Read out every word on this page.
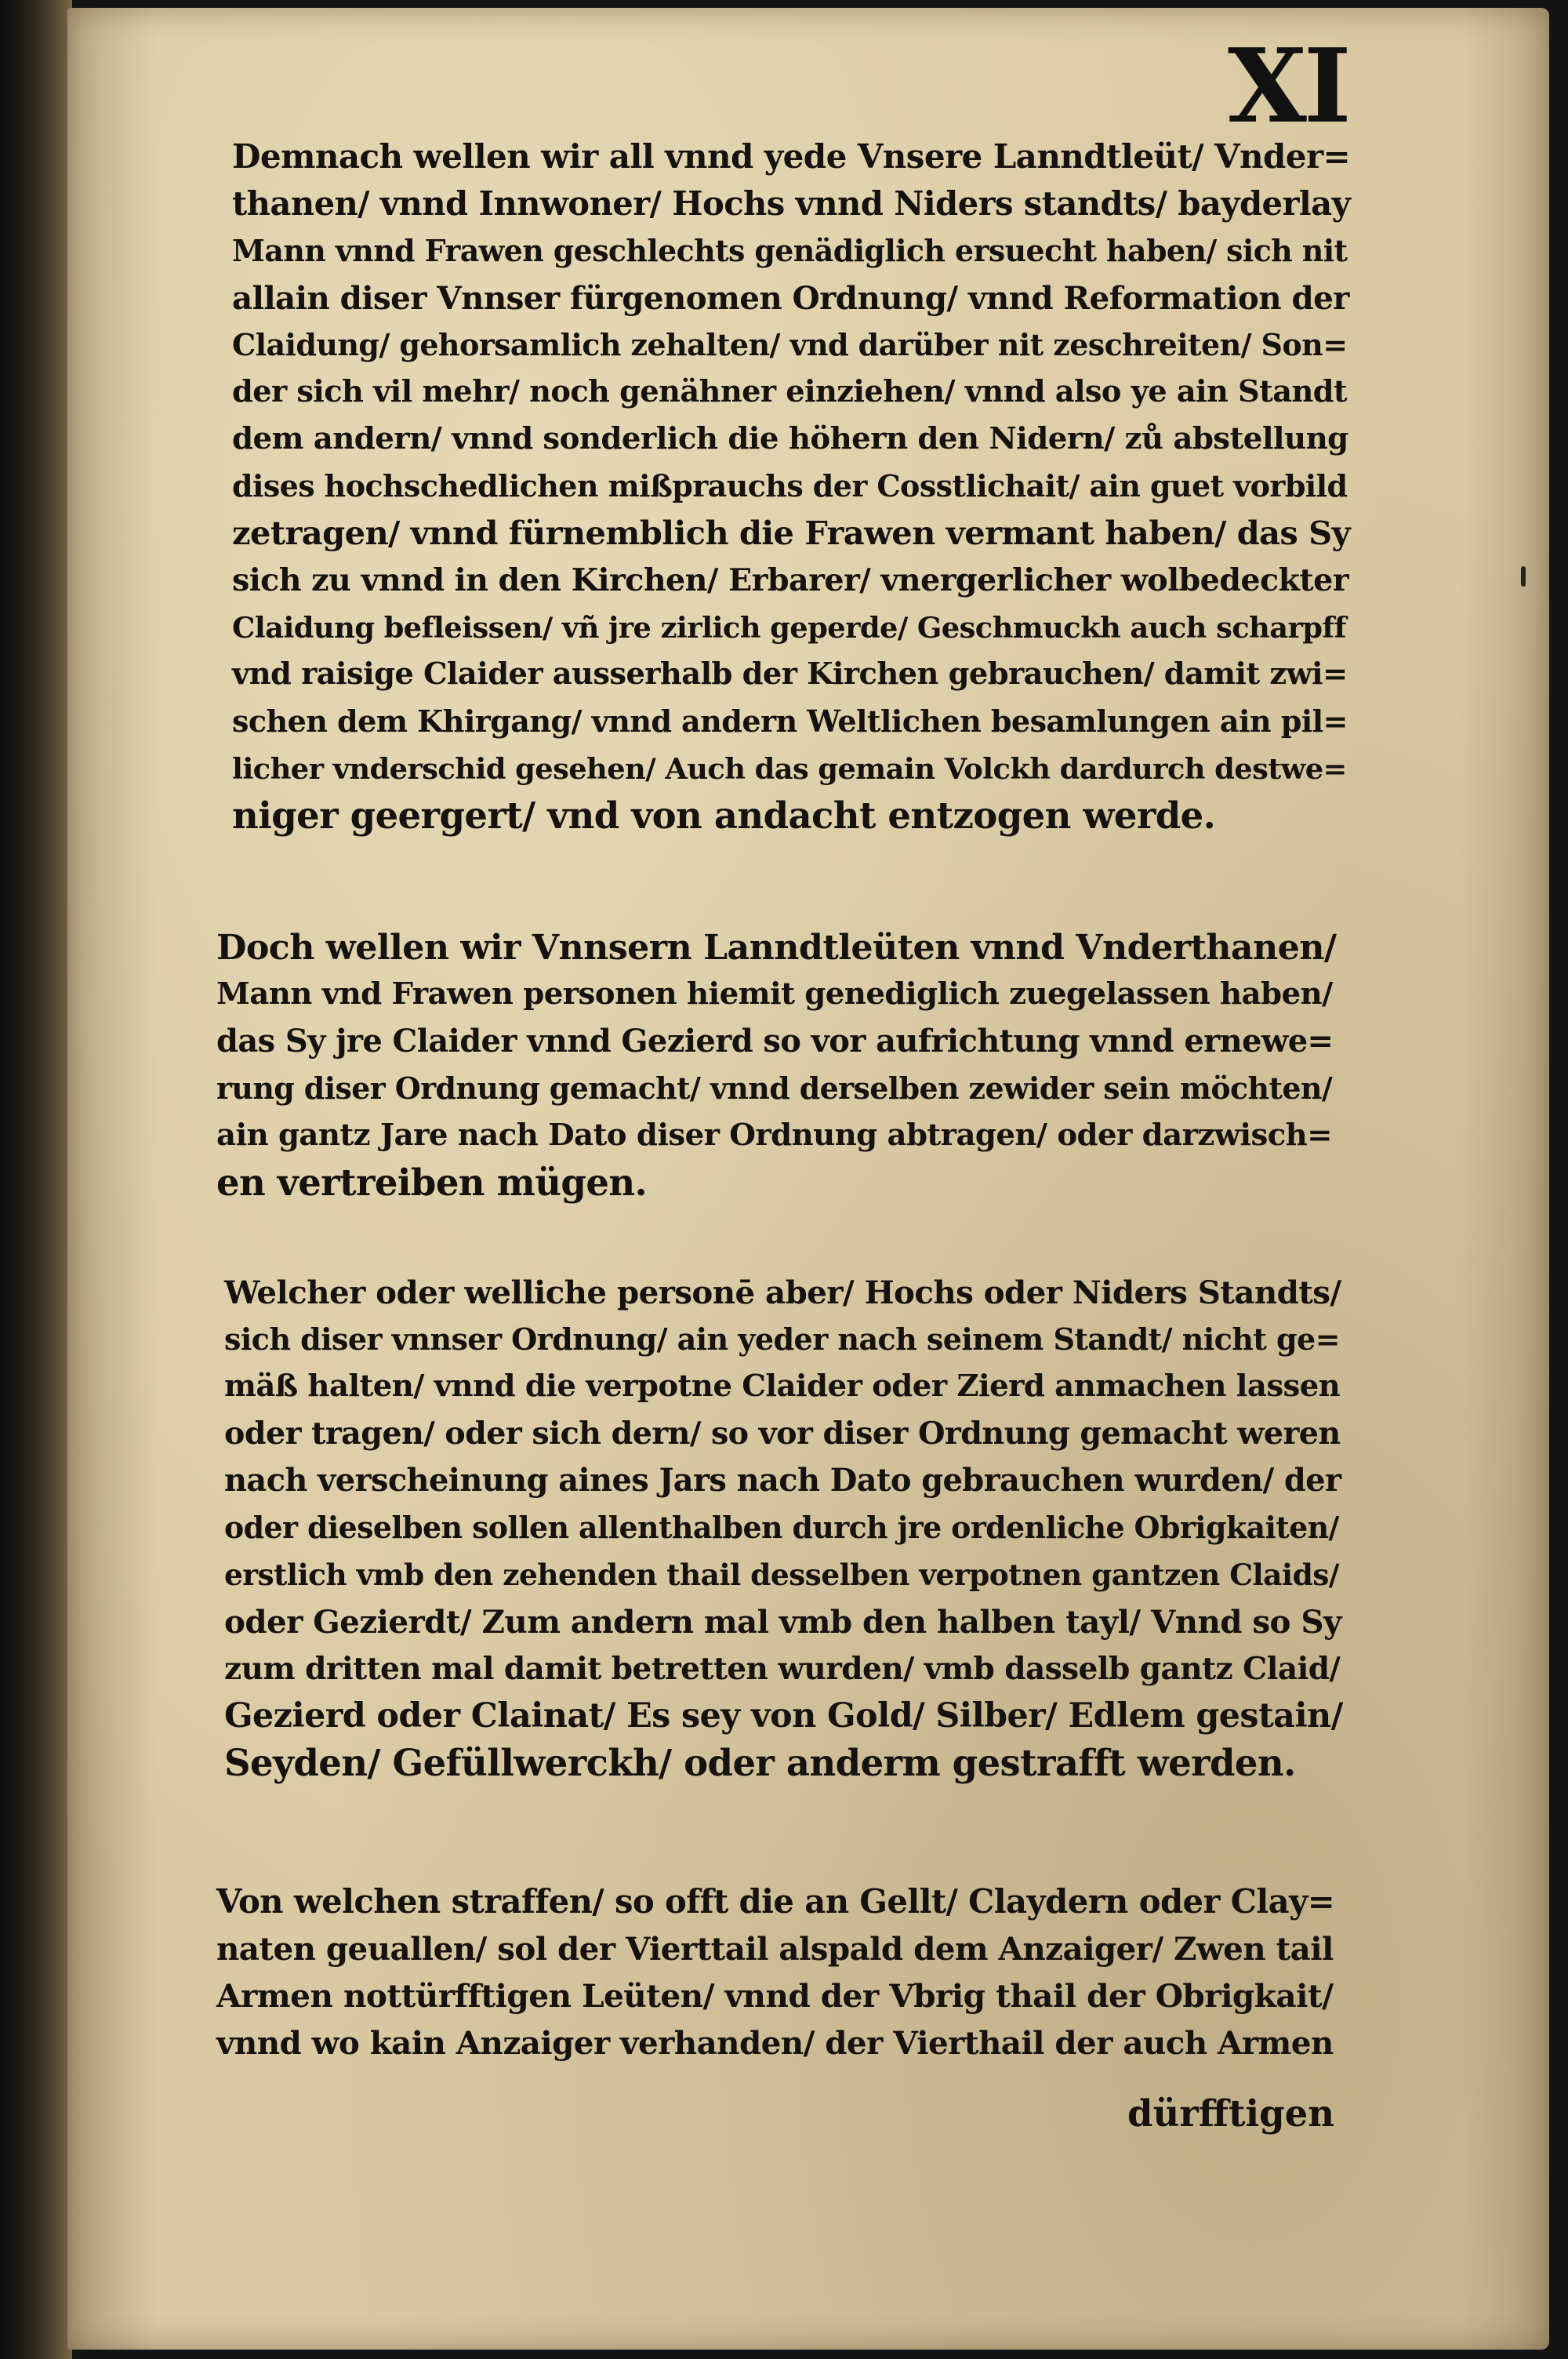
XI
Demnach wellen wir all vnnd yede Vnsere Lanndtleüt/ Vnder=
thanen/ vnnd Innwoner/ Hochs vnnd Niders standts/ bayderlay
Mann vnnd Frawen geschlechts genädiglich ersuecht haben/ sich nit
allain diser Vnnser fürgenomen Ordnung/ vnnd Reformation der
Claidung/ gehorsamlich zehalten/ vnd darüber nit zeschreiten/ Son=
der sich vil mehr/ noch genähner einziehen/ vnnd also ye ain Standt
dem andern/ vnnd sonderlich die höhern den Nidern/ zů abstellung
dises hochschedlichen mißprauchs der Cosstlichait/ ain guet vorbild
zetragen/ vnnd fürnemblich die Frawen vermant haben/ das Sy
sich zu vnnd in den Kirchen/ Erbarer/ vnergerlicher wolbedeckter
Claidung befleissen/ vñ jre zirlich geperde/ Geschmuckh auch scharpff
vnd raisige Claider ausserhalb der Kirchen gebrauchen/ damit zwi=
schen dem Khirgang/ vnnd andern Weltlichen besamlungen ain pil=
licher vnderschid gesehen/ Auch das gemain Volckh dardurch destwe=
niger geergert/ vnd von andacht entzogen werde.
Doch wellen wir Vnnsern Lanndtleüten vnnd Vnderthanen/
Mann vnd Frawen personen hiemit genediglich zuegelassen haben/
das Sy jre Claider vnnd Gezierd so vor aufrichtung vnnd ernewe=
rung diser Ordnung gemacht/ vnnd derselben zewider sein möchten/
ain gantz Jare nach Dato diser Ordnung abtragen/ oder darzwisch=
en vertreiben mügen.
Welcher oder welliche personē aber/ Hochs oder Niders Standts/
sich diser vnnser Ordnung/ ain yeder nach seinem Standt/ nicht ge=
mäß halten/ vnnd die verpotne Claider oder Zierd anmachen lassen
oder tragen/ oder sich dern/ so vor diser Ordnung gemacht weren
nach verscheinung aines Jars nach Dato gebrauchen wurden/ der
oder dieselben sollen allenthalben durch jre ordenliche Obrigkaiten/
erstlich vmb den zehenden thail desselben verpotnen gantzen Claids/
oder Gezierdt/ Zum andern mal vmb den halben tayl/ Vnnd so Sy
zum dritten mal damit betretten wurden/ vmb dasselb gantz Claid/
Gezierd oder Clainat/ Es sey von Gold/ Silber/ Edlem gestain/
Seyden/ Gefüllwerckh/ oder anderm gestrafft werden.
Von welchen straffen/ so offt die an Gellt/ Claydern oder Clay=
naten geuallen/ sol der Vierttail alspald dem Anzaiger/ Zwen tail
Armen nottürfftigen Leüten/ vnnd der Vbrig thail der Obrigkait/
vnnd wo kain Anzaiger verhanden/ der Vierthail der auch Armen
dürfftigen
